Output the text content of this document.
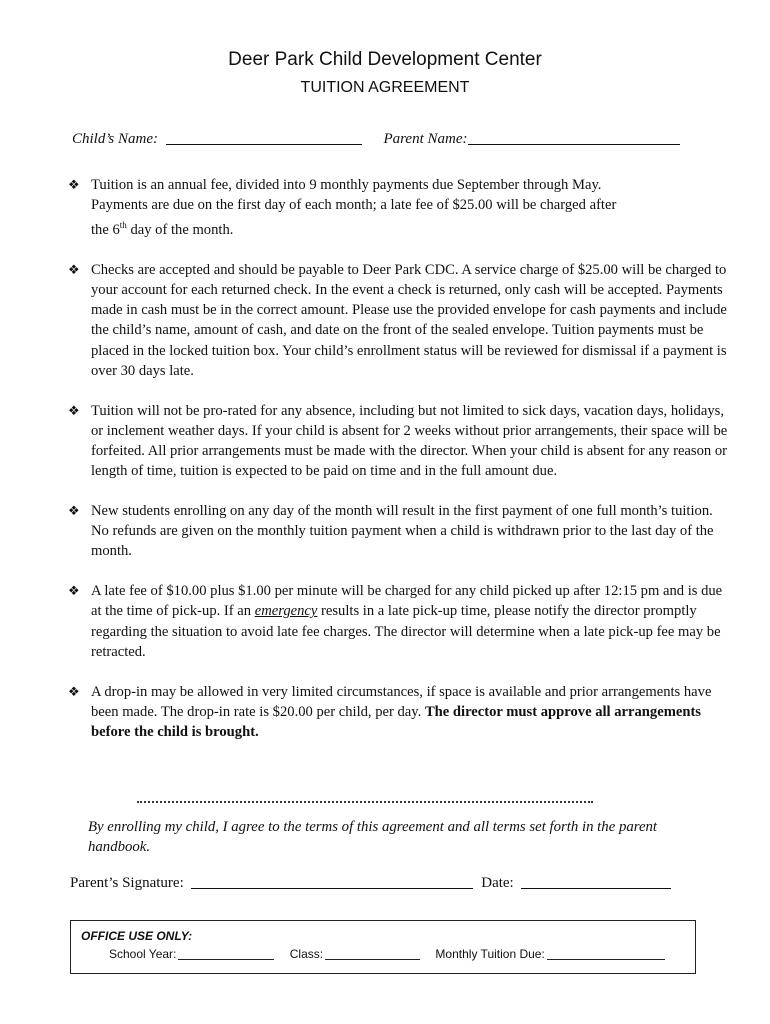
Deer Park Child Development Center
TUITION AGREEMENT
Child’s Name:	Parent Name:
❖ Tuition is an annual fee, divided into 9 monthly payments due September through May.
Payments are due on the first day of each month; a late fee of $25.00 will be charged after
the 6th day of the month.
❖ Checks are accepted and should be payable to Deer Park CDC. A service charge of $25.00 will be charged to your account for each returned check. In the event a check is returned, only cash will be accepted. Payments made in cash must be in the correct amount. Please use the provided envelope for cash payments and include the child’s name, amount of cash, and date on the front of the sealed envelope. Tuition payments must be placed in the locked tuition box. Your child’s enrollment status will be reviewed for dismissal if a payment is over 30 days late.
❖ Tuition will not be pro-rated for any absence, including but not limited to sick days, vacation days, holidays, or inclement weather days. If your child is absent for 2 weeks without prior arrangements, their space will be forfeited. All prior arrangements must be made with the director. When your child is absent for any reason or length of time, tuition is expected to be paid on time and in the full amount due.
❖ New students enrolling on any day of the month will result in the first payment of one full month’s tuition. No refunds are given on the monthly tuition payment when a child is withdrawn prior to the last day of the month.
❖ A late fee of $10.00 plus $1.00 per minute will be charged for any child picked up after 12:15 pm and is due at the time of pick-up. If an emergency results in a late pick-up time, please notify the director promptly regarding the situation to avoid late fee charges. The director will determine when a late pick-up fee may be retracted.
❖ A drop-in may be allowed in very limited circumstances, if space is available and prior arrangements have been made. The drop-in rate is $20.00 per child, per day. The director must approve all arrangements before the child is brought.
By enrolling my child, I agree to the terms of this agreement and all terms set forth in the parent handbook.
Parent’s Signature:	Date:
OFFICE USE ONLY:
School Year:	Class:	Monthly Tuition Due:
